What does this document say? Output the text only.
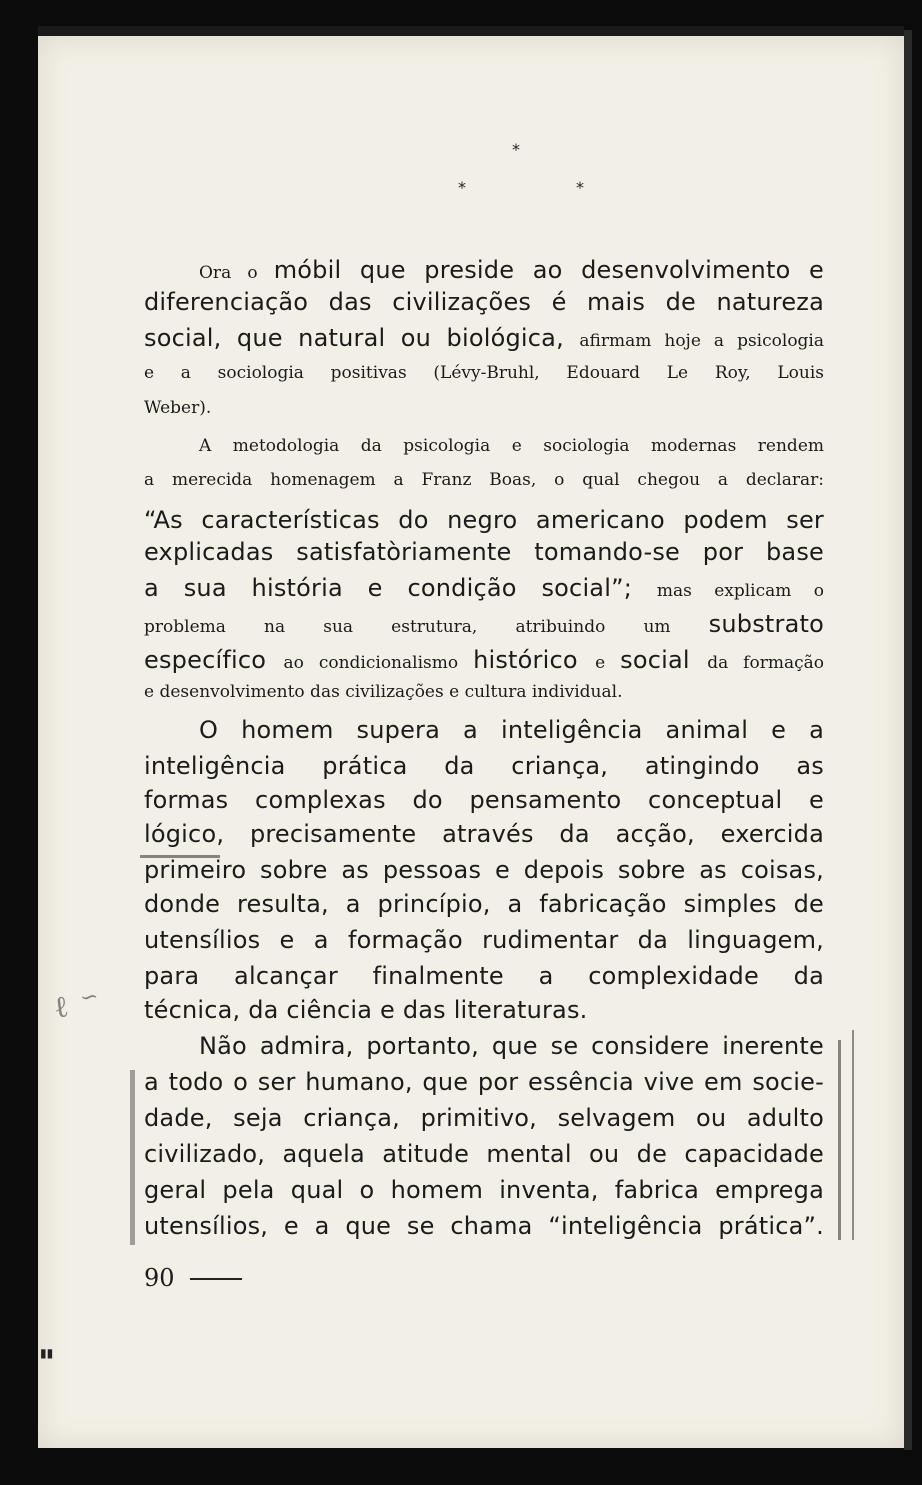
*
*	*
Ora o móbil que preside ao desenvolvimento e
diferenciação das civilizações é mais de natureza
social, que natural ou biológica, afirmam hoje a psicologia
e a sociologia positivas (Lévy-Bruhl, Edouard Le Roy, Louis
Weber).
A metodologia da psicologia e sociologia modernas rendem
a merecida homenagem a Franz Boas, o qual chegou a declarar:
“As características do negro americano podem ser
explicadas satisfatòriamente tomando-se por base
a sua história e condição social”; mas explicam o
problema na sua estrutura, atribuindo um substrato
específico ao condicionalismo histórico e social da formação
e desenvolvimento das civilizações e cultura individual.
O homem supera a inteligência animal e a
inteligência prática da criança, atingindo as
formas complexas do pensamento conceptual e
lógico, precisamente através da acção, exercida
primeiro sobre as pessoas e depois sobre as coisas,
donde resulta, a princípio, a fabricação simples de
utensílios e a formação rudimentar da linguagem,
para alcançar finalmente a complexidade da
técnica, da ciência e das literaturas.
Não admira, portanto, que se considere inerente
a todo o ser humano, que por essência vive em socie-
dade, seja criança, primitivo, selvagem ou adulto
civilizado, aquela atitude mental ou de capacidade
geral pela qual o homem inventa, fabrica emprega
utensílios, e a que se chama “inteligência prática”.
ℓ ∽
90
▮▮
